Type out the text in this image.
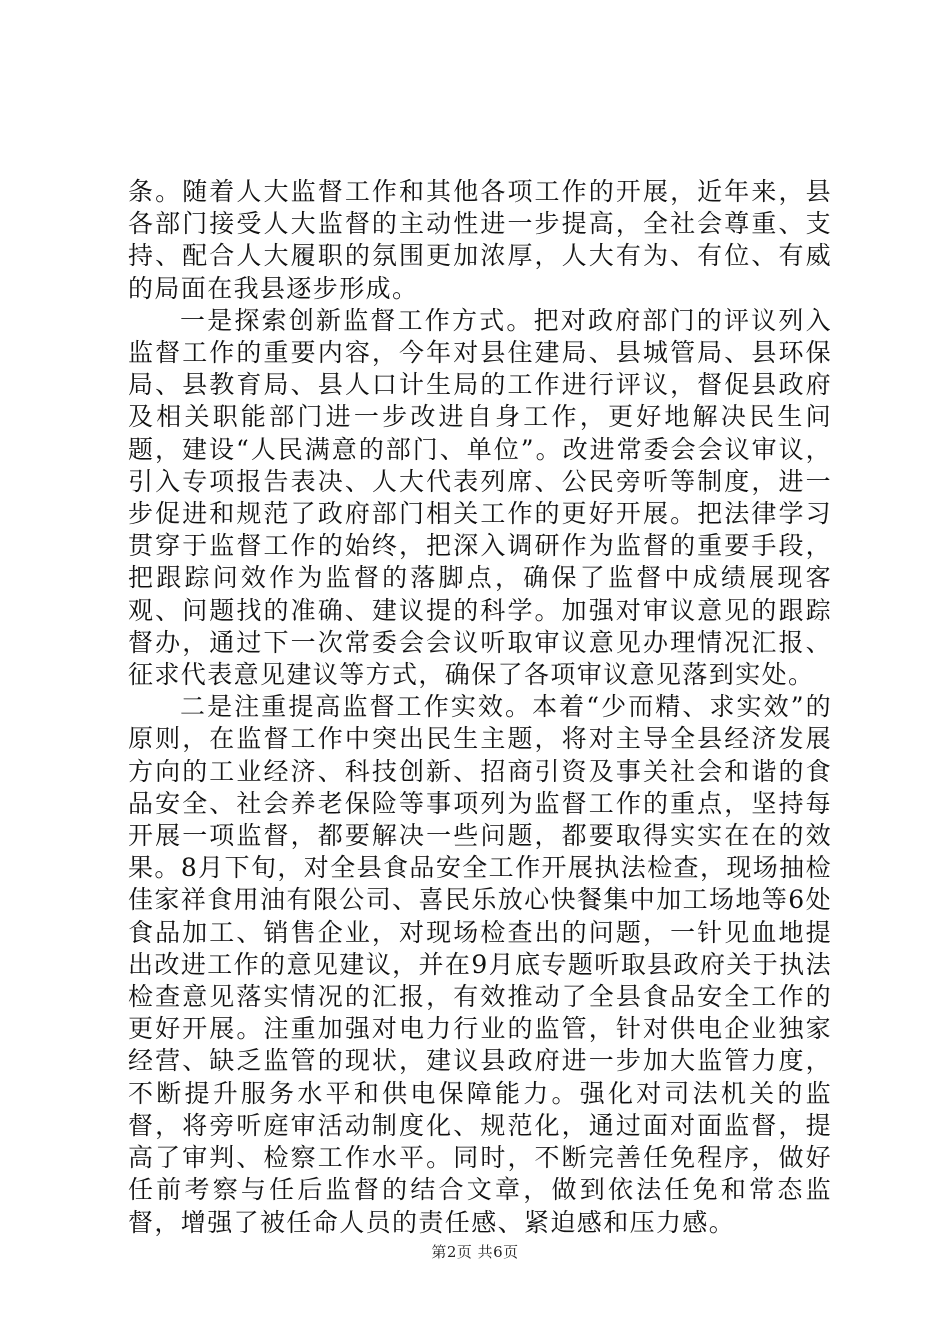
条。随着人大监督工作和其他各项工作的开展，近年来，县各部门接受人大监督的主动性进一步提高，全社会尊重、支持、配合人大履职的氛围更加浓厚，人大有为、有位、有威的局面在我县逐步形成。

一是探索创新监督工作方式。把对政府部门的评议列入监督工作的重要内容，今年对县住建局、县城管局、县环保局、县教育局、县人口计生局的工作进行评议，督促县政府及相关职能部门进一步改进自身工作，更好地解决民生问题，建设“人民满意的部门、单位”。改进常委会会议审议，引入专项报告表决、人大代表列席、公民旁听等制度，进一步促进和规范了政府部门相关工作的更好开展。把法律学习贯穿于监督工作的始终，把深入调研作为监督的重要手段，把跟踪问效作为监督的落脚点，确保了监督中成绩展现客观、问题找的准确、建议提的科学。加强对审议意见的跟踪督办，通过下一次常委会会议听取审议意见办理情况汇报、征求代表意见建议等方式，确保了各项审议意见落到实处。

二是注重提高监督工作实效。本着“少而精、求实效”的原则，在监督工作中突出民生主题，将对主导全县经济发展方向的工业经济、科技创新、招商引资及事关社会和谐的食品安全、社会养老保险等事项列为监督工作的重点，坚持每开展一项监督，都要解决一些问题，都要取得实实在在的效果。8月下旬，对全县食品安全工作开展执法检查，现场抽检佳家祥食用油有限公司、喜民乐放心快餐集中加工场地等6处食品加工、销售企业，对现场检查出的问题，一针见血地提出改进工作的意见建议，并在9月底专题听取县政府关于执法检查意见落实情况的汇报，有效推动了全县食品安全工作的更好开展。注重加强对电力行业的监管，针对供电企业独家经营、缺乏监管的现状，建议县政府进一步加大监管力度，不断提升服务水平和供电保障能力。强化对司法机关的监督，将旁听庭审活动制度化、规范化，通过面对面监督，提高了审判、检察工作水平。同时，不断完善任免程序，做好任前考察与任后监督的结合文章，做到依法任免和常态监督，增强了被任命人员的责任感、紧迫感和压力感。

第2页 共6页
